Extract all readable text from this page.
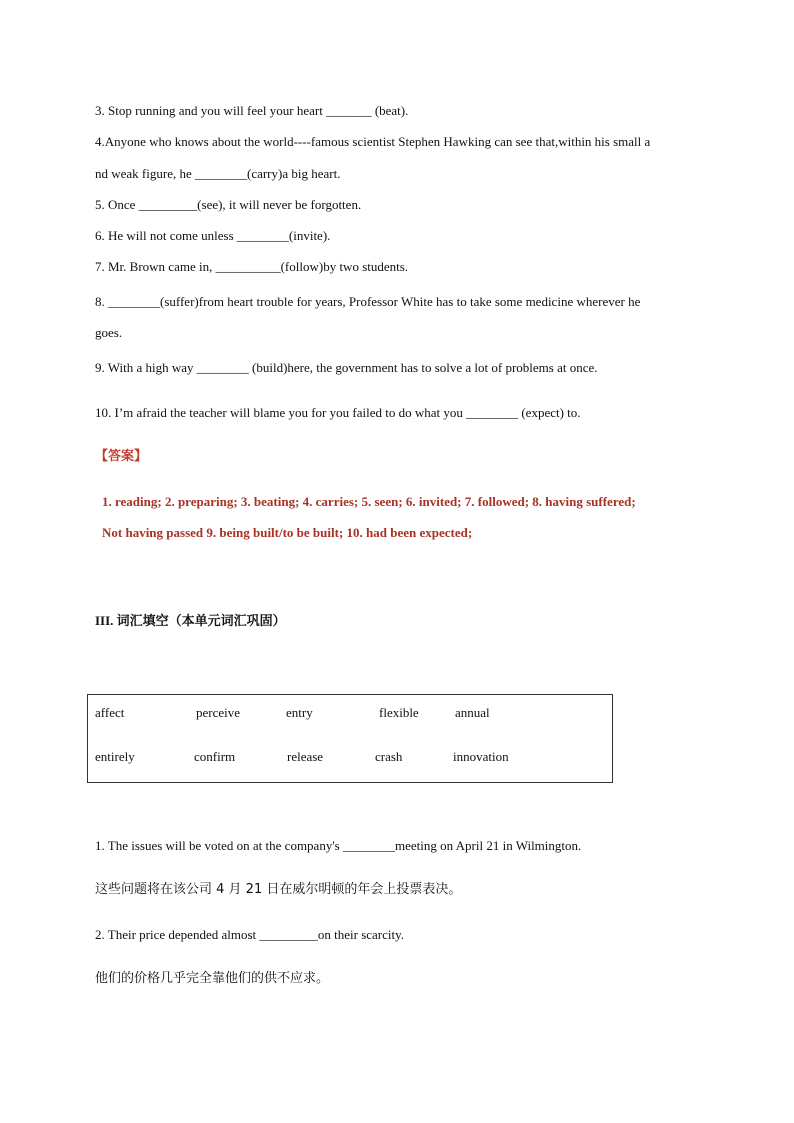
3. Stop running and you will feel your heart _______ (beat).
4.Anyone who knows about the world----famous scientist Stephen Hawking can see that,within his small a
nd weak figure, he ________(carry)a big heart.
5. Once _________(see), it will never be forgotten.
6. He will not come unless ________(invite).
7. Mr. Brown came in, __________(follow)by two students.
8. ________(suffer)from heart trouble for years, Professor White has to take some medicine wherever he
goes.
9. With a high way ________ (build)here, the government has to solve a lot of problems at once.
10. I’m afraid the teacher will blame you for you failed to do what you ________ (expect) to.
【答案】
1. reading; 2. preparing; 3. beating; 4. carries; 5. seen; 6. invited; 7. followed; 8. having suffered;
Not having passed 9. being built/to be built; 10. had been expected;
III. 词汇填空（本单元词汇巩固）
affect	perceive	entry	flexible	annual
entirely	confirm	release	crash	innovation
1. The issues will be voted on at the company's ________meeting on April 21 in Wilmington.
这些问题将在该公司 4 月 21 日在威尔明顿的年会上投票表决。
2. Their price depended almost _________on their scarcity.
他们的价格几乎完全靠他们的供不应求。
